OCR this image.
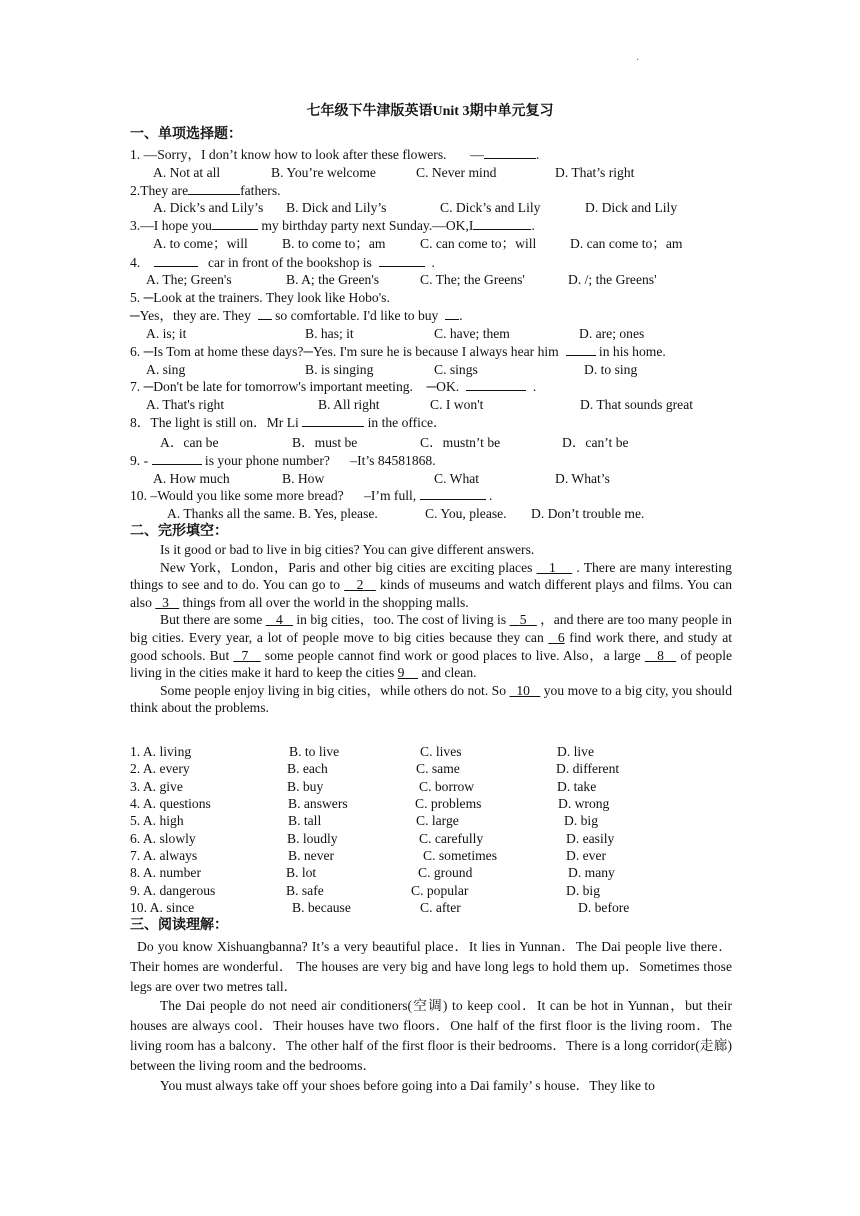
·
七年级下牛津版英语Unit 3期中单元复习
一、单项选择题：
1. —Sorry，I don’t know how to look after these flowers.       —	.
A. Not at all	B. You’re welcome	C. Never mind	D. That’s right
2.They are	fathers.
A. Dick’s and Lily’s B. Dick and Lily’s	C. Dick’s and Lily	D. Dick and Lily
3.—I hope you	my birthday party next Sunday.—OK,I	.
A. to come；will	B. to come to；am	C. can come to；will D. can come to；am
4.	car in front of the bookshop is	.
A. The; Green's	B. A; the Green's	C. The; the Greens'	D. /; the Greens'
5. ─Look at the trainers. They look like Hobo's.
─Yes，they are. They   so comfortable. I'd like to buy .
A. is; it	B. has; it	C. have; them	D. are; ones
6. ─Is Tom at home these days?─Yes. I'm sure he is because I always hear him	in his home.
A. sing	B. is singing	C. sings	D. to sing
7. ─Don't be late for tomorrow's important meeting.    ─OK.	.
A. That's right	B. All right	C. I won't	D. That sounds great
8．The light is still on．Mr Li	in the office．
A．can be	B．must be	C．mustn’t be	D．can’t be
9. -	is your phone number?      –It’s 84581868.
A. How much	B. How	C. What	D. What’s
10. –Would you like some more bread?      –I’m full,	.
A. Thanks all the same. B. Yes, please.	C. You, please. D. Don’t trouble me.
二、完形填空：

Is it good or bad to live in big cities? You can give different answers.

New York，London，Paris and other big cities are exciting places    1     . There are many interesting things to see and to do. You can go to    2    kinds of museums and watch different plays and films. You can also   3    things from all over the world in the shopping malls.

But there are some    4    in big cities，too. The cost of living is    5    ，and there are too many people in big cities. Every year, a lot of people move to big cities because they can   6 find work there, and study at good schools. But   7    some people cannot find work or good places to live. Also，a large    8    of people living in the cities make it hard to keep the cities 9     and clean.

Some people enjoy living in big cities，while others do not. So   10    you move to a big city, you should think about the problems.

1. A. living	B. to live	C. lives	D. live
2. A. every	B. each	C. same	D. different
3. A. give	B. buy	C. borrow	D. take
4. A. questions	B. answers	C. problems	D. wrong
5. A. high	B. tall	C. large	D. big
6. A. slowly	B. loudly	C. carefully	D. easily
7. A. always	B. never	C. sometimes	D. ever
8. A. number	B. lot	C. ground	D. many
9. A. dangerous	B. safe	C. popular	D. big
10. A. since	B. because	C. after	D. before
三、阅读理解：

Do you know Xishuangbanna? It’s a very beautiful place．It lies in Yunnan．The Dai people live there． Their homes are wonderful． The houses are very big and have long legs to hold them up．Sometimes those legs are over two metres tall．

The Dai people do not need air conditioners(空调) to keep cool．It can be hot in Yunnan，but their houses are always cool．Their houses have two floors．One half of the first floor is the living room．The living room has a balcony．The other half of the first floor is their bedrooms．There is a long corridor(走廊) between the living room and the bedrooms．

You must always take off your shoes before going into a Dai family’ s house．They like to
